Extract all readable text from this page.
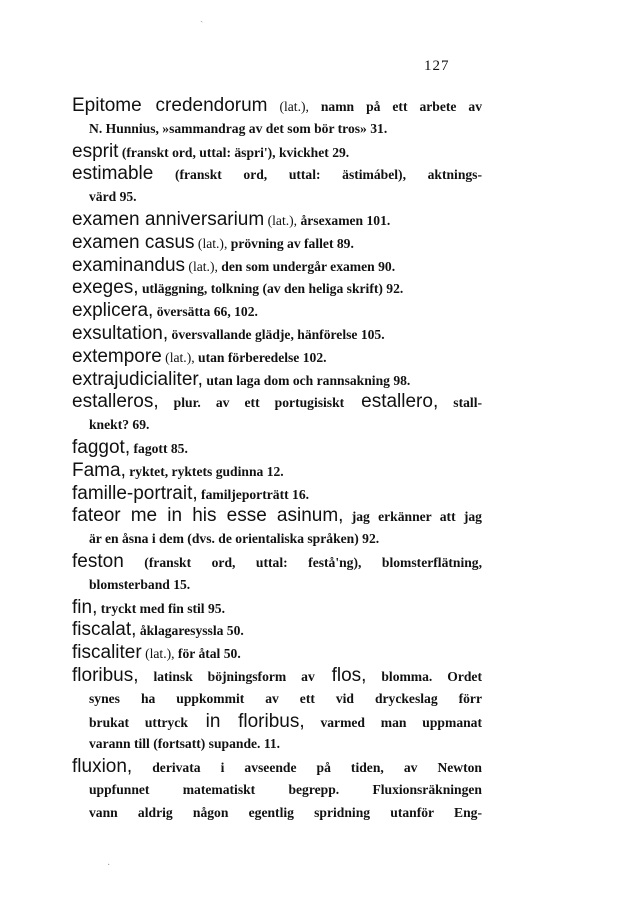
127
Epitome credendorum (lat.), namn på ett arbete av
N. Hunnius, »sammandrag av det som bör tros» 31.
esprit (franskt ord, uttal: äspri'), kvickhet 29.
estimable (franskt ord, uttal: ästimábel), aktnings-
värd 95.
examen anniversarium (lat.), årsexamen 101.
examen casus (lat.), prövning av fallet 89.
examinandus (lat.), den som undergår examen 90.
exeges, utläggning, tolkning (av den heliga skrift) 92.
explicera, översätta 66, 102.
exsultation, översvallande glädje, hänförelse 105.
extempore (lat.), utan förberedelse 102.
extrajudicialiter, utan laga dom och rannsakning 98.
estalleros, plur. av ett portugisiskt estallero, stall-
knekt? 69.
faggot, fagott 85.
Fama, ryktet, ryktets gudinna 12.
famille-portrait, familjeporträtt 16.
fateor me in his esse asinum, jag erkänner att jag
är en åsna i dem (dvs. de orientaliska språken) 92.
feston (franskt ord, uttal: festå'ng), blomsterflätning,
blomsterband 15.
fin, tryckt med fin stil 95.
fiscalat, åklagaresyssla 50.
fiscaliter (lat.), för åtal 50.
floribus, latinsk böjningsform av flos, blomma. Ordet
synes ha uppkommit av ett vid dryckeslag förr
brukat uttryck in floribus, varmed man uppmanat
varann till (fortsatt) supande. 11.
fluxion, derivata i avseende på tiden, av Newton
uppfunnet matematiskt begrepp. Fluxionsräkningen
vann aldrig någon egentlig spridning utanför Eng-
ˏ
·
